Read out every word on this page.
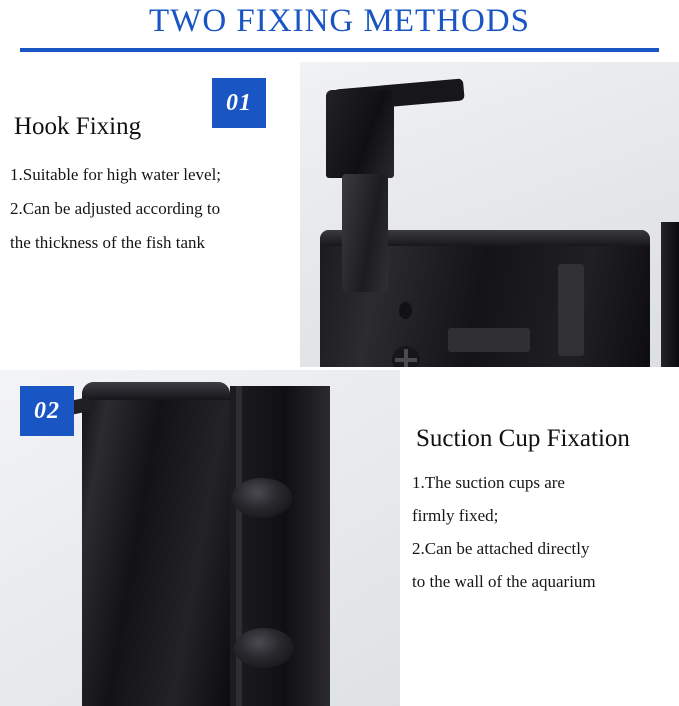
TWO FIXING METHODS
01
Hook Fixing
1.Suitable for high water level;
2.Can be adjusted according to
the thickness of the fish tank
02
Suction Cup Fixation
1.The suction cups are
firmly fixed;
2.Can be attached directly
to the wall of the aquarium
